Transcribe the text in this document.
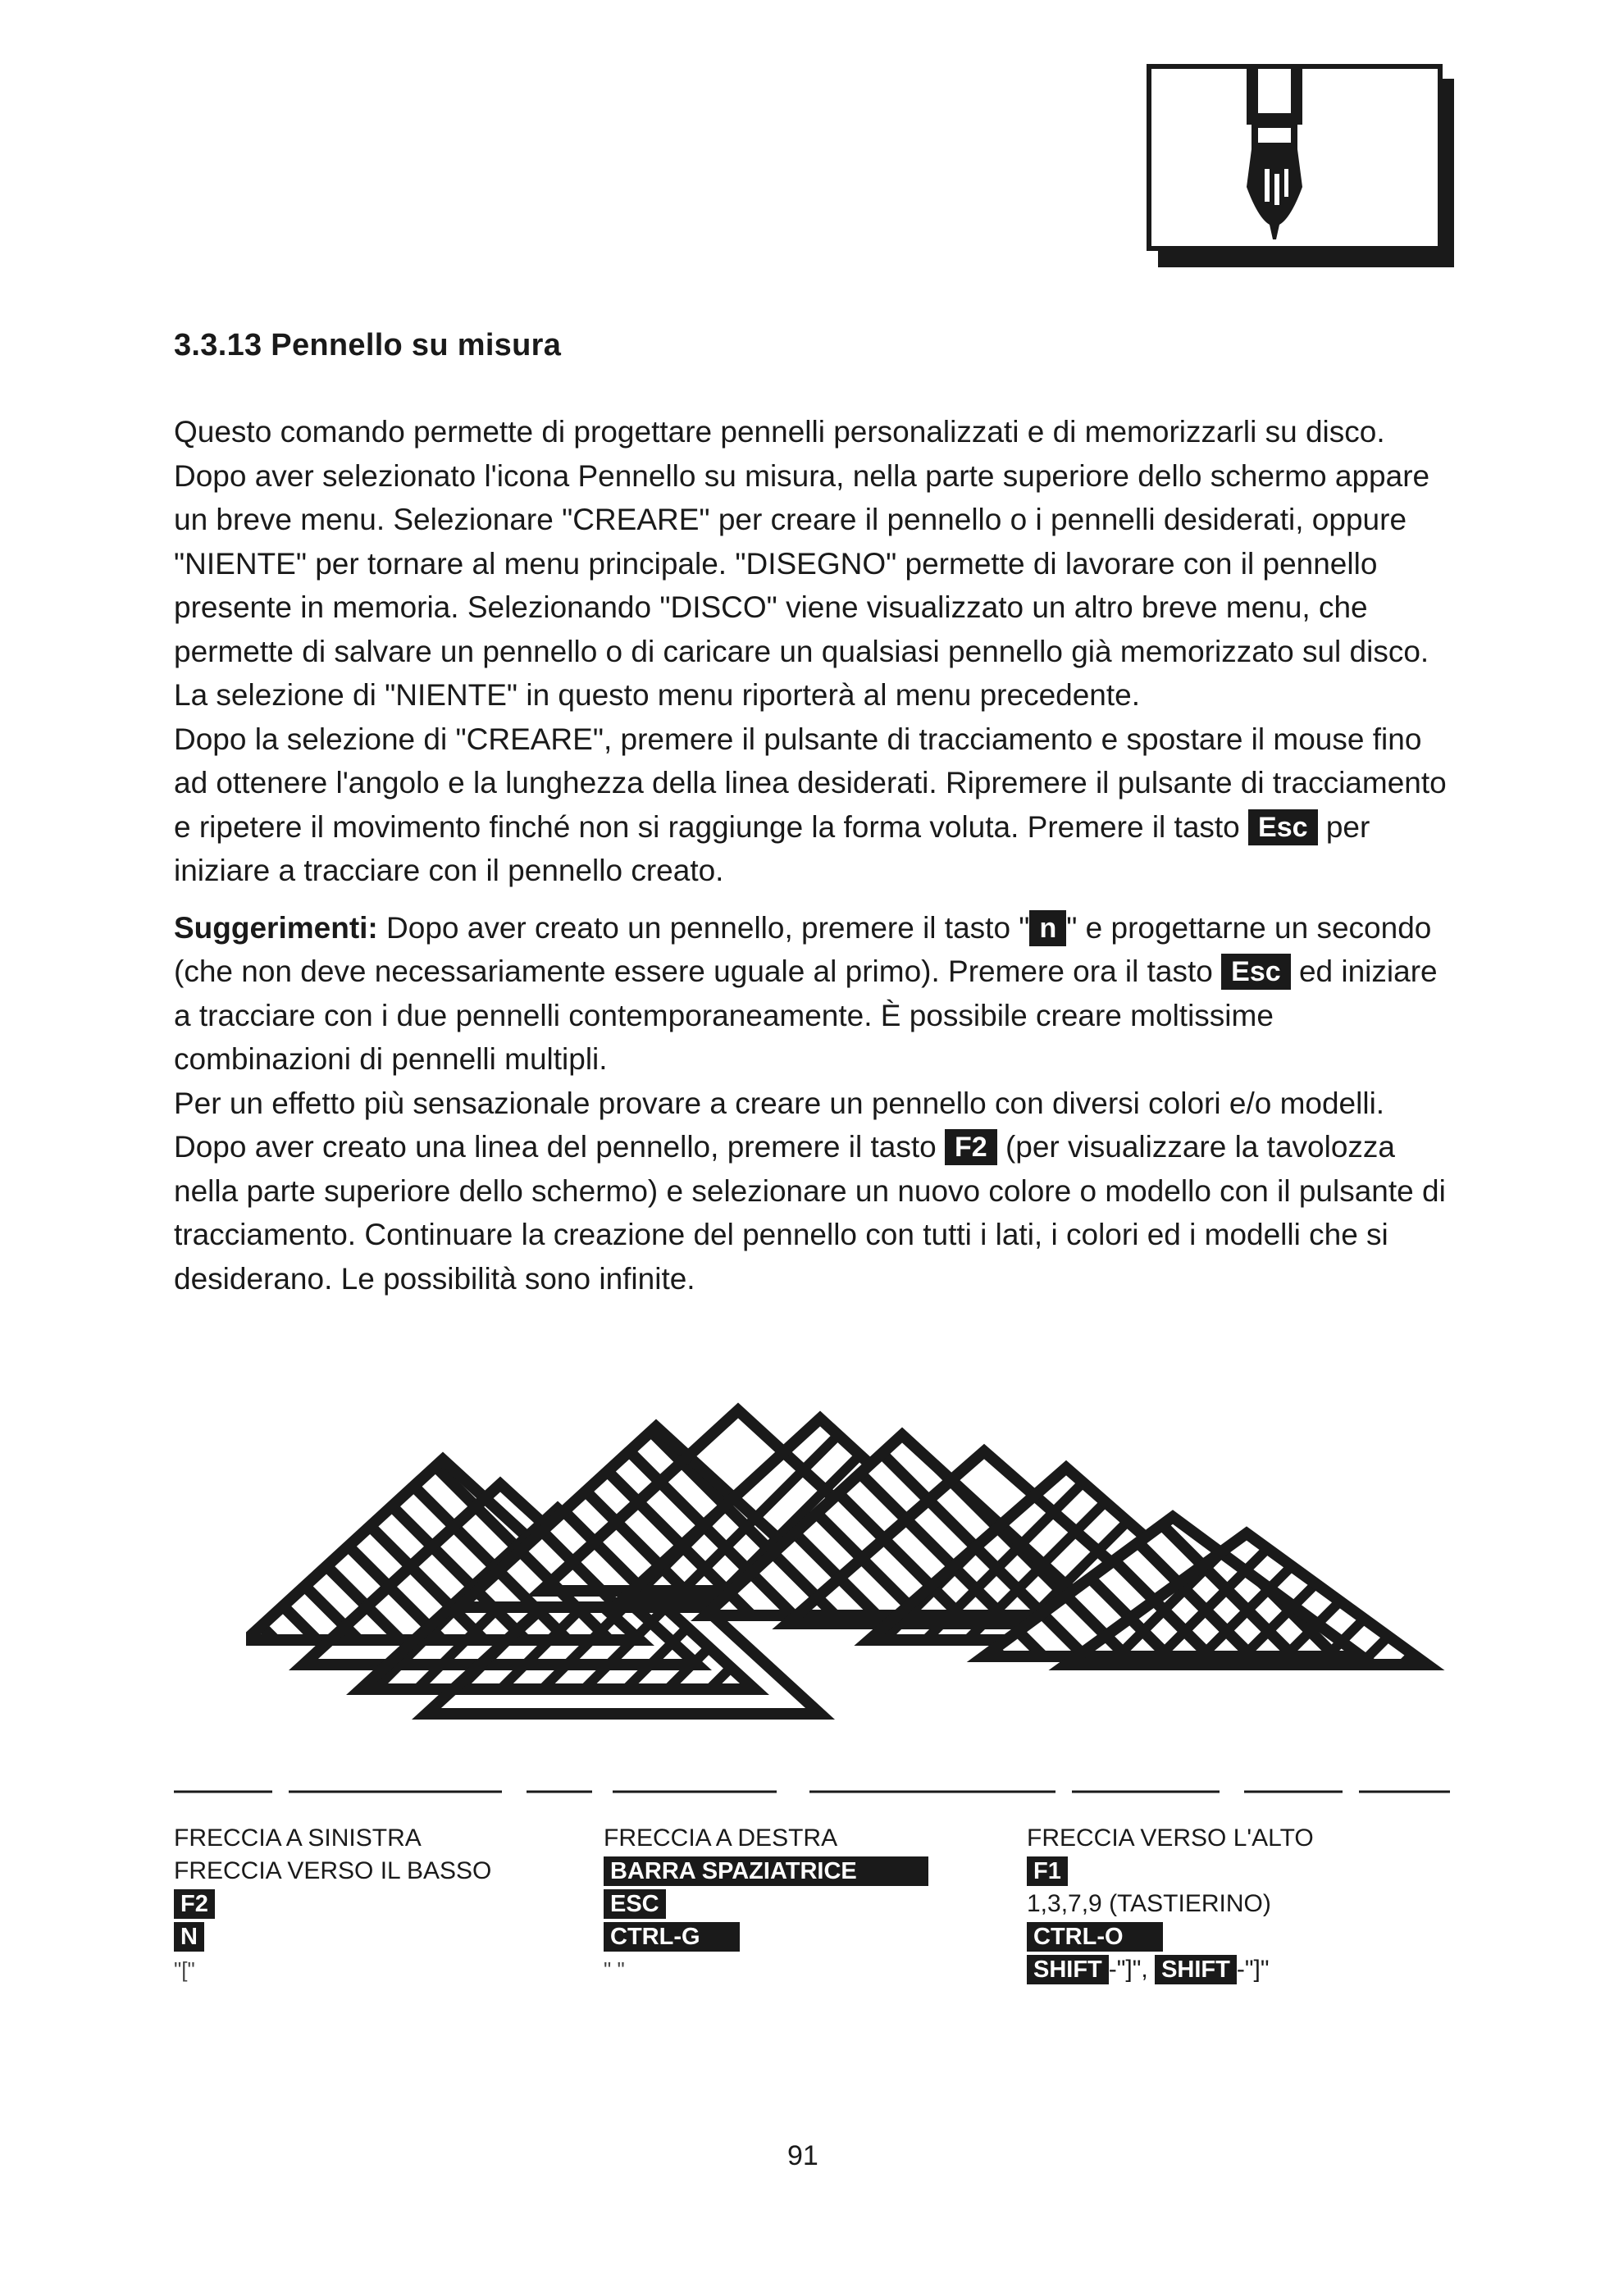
3.3.13 Pennello su misura

Questo comando permette di progettare pennelli personalizzati e di memorizzarli su disco. Dopo aver selezionato l'icona Pennello su misura, nella parte superiore dello schermo appare un breve menu. Selezionare "CREARE" per creare il pennello o i pennelli desiderati, oppure "NIENTE" per tornare al menu principale. "DISEGNO" permette di lavorare con il pennello presente in memoria. Selezionando "DISCO" viene visualizzato un altro breve menu, che permette di salvare un pennello o di caricare un qualsiasi pennello già memorizzato sul disco. La selezione di "NIENTE" in questo menu riporterà al menu precedente.

Dopo la selezione di "CREARE", premere il pulsante di tracciamento e spostare il mouse fino ad ottenere l'angolo e la lunghezza della linea desiderati. Ripremere il pulsante di tracciamento e ripetere il movimento finché non si raggiunge la forma voluta. Premere il tasto Esc per iniziare a tracciare con il pennello creato.

Suggerimenti: Dopo aver creato un pennello, premere il tasto " n " e progettarne un secondo (che non deve necessariamente essere uguale al primo). Premere ora il tasto Esc ed iniziare a tracciare con i due pennelli contemporaneamente. È possibile creare moltissime combinazioni di pennelli multipli.

Per un effetto più sensazionale provare a creare un pennello con diversi colori e/o modelli. Dopo aver creato una linea del pennello, premere il tasto F2 (per visualizzare la tavolozza nella parte superiore dello schermo) e selezionare un nuovo colore o modello con il pulsante di tracciamento. Continuare la creazione del pennello con tutti i lati, i colori ed i modelli che si desiderano. Le possibilità sono infinite.

FRECCIA A SINISTRA
FRECCIA VERSO IL BASSO
F2
N
"["
FRECCIA A DESTRA
BARRA SPAZIATRICE
ESC
CTRL-G
" "
FRECCIA VERSO L'ALTO
F1
1,3,7,9 (TASTIERINO)
CTRL-O
SHIFT -"]", SHIFT -"]"
91
